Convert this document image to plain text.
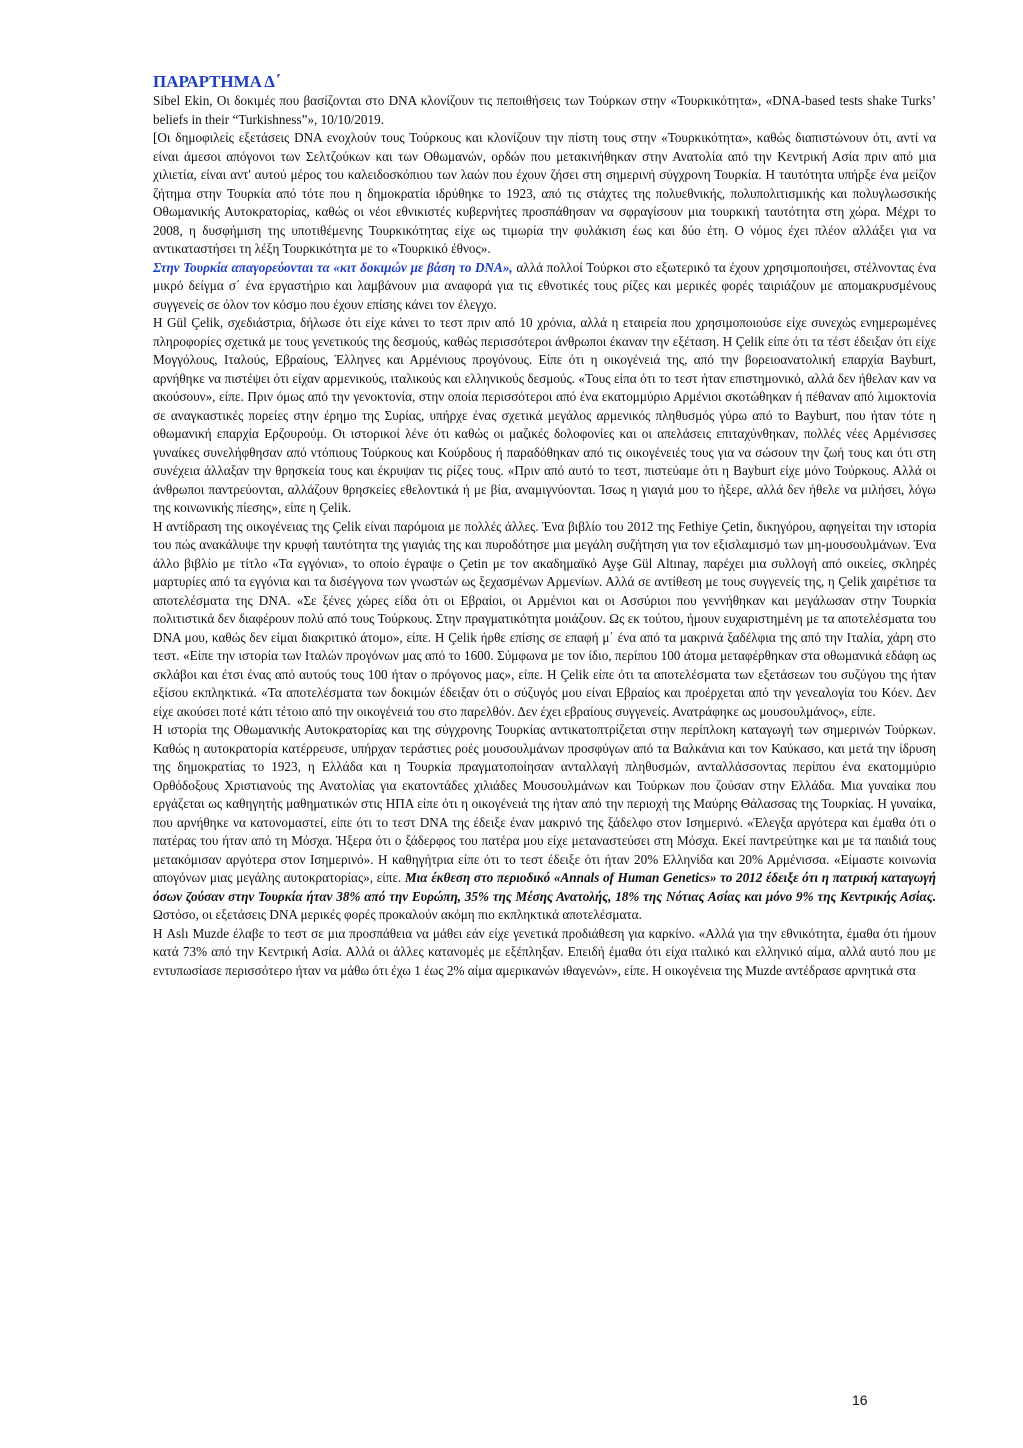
ΠΑΡΑΡΤΗΜΑ Δ΄

Sibel Ekin, Οι δοκιμές που βασίζονται στο DNA κλονίζουν τις πεποιθήσεις των Τούρκων στην «Τουρκικότητα», «DNA-based tests shake Turks’ beliefs in their “Turkishness”», 10/10/2019.

[Οι δημοφιλείς εξετάσεις DNA ενοχλούν τους Τούρκους και κλονίζουν την πίστη τους στην «Τουρκικότητα», καθώς διαπιστώνουν ότι, αντί να είναι άμεσοι απόγονοι των Σελτζούκων και των Οθωμανών, ορδών που μετακινήθηκαν στην Ανατολία από την Κεντρική Ασία πριν από μια χιλιετία, είναι αντ' αυτού μέρος του καλειδοσκόπιου των λαών που έχουν ζήσει στη σημερινή σύγχρονη Τουρκία. Η ταυτότητα υπήρξε ένα μείζον ζήτημα στην Τουρκία από τότε που η δημοκρατία ιδρύθηκε το 1923, από τις στάχτες της πολυεθνικής, πολυπολιτισμικής και πολυγλωσσικής Οθωμανικής Αυτοκρατορίας, καθώς οι νέοι εθνικιστές κυβερνήτες προσπάθησαν να σφραγίσουν μια τουρκική ταυτότητα στη χώρα. Μέχρι το 2008, η δυσφήμιση της υποτιθέμενης Τουρκικότητας είχε ως τιμωρία την φυλάκιση έως και δύο έτη. Ο νόμος έχει πλέον αλλάξει για να αντικαταστήσει τη λέξη Τουρκικότητα με το «Τουρκικό έθνος».

Στην Τουρκία απαγορεύονται τα «κιτ δοκιμών με βάση το DNA», αλλά πολλοί Τούρκοι στο εξωτερικό τα έχουν χρησιμοποιήσει, στέλνοντας ένα μικρό δείγμα σ΄ ένα εργαστήριο και λαμβάνουν μια αναφορά για τις εθνοτικές τους ρίζες και μερικές φορές ταιριάζουν με απομακρυσμένους συγγενείς σε όλον τον κόσμο που έχουν επίσης κάνει τον έλεγχο.

Η Gül Çelik, σχεδιάστρια, δήλωσε ότι είχε κάνει το τεστ πριν από 10 χρόνια, αλλά η εταιρεία που χρησιμοποιούσε είχε συνεχώς ενημερωμένες πληροφορίες σχετικά με τους γενετικούς της δεσμούς, καθώς περισσότεροι άνθρωποι έκαναν την εξέταση. Η Çelik είπε ότι τα τέστ έδειξαν ότι είχε Μογγόλους, Ιταλούς, Εβραίους, Έλληνες και Αρμένιους προγόνους. Είπε ότι η οικογένειά της, από την βορειοανατολική επαρχία Bayburt, αρνήθηκε να πιστέψει ότι είχαν αρμενικούς, ιταλικούς και ελληνικούς δεσμούς. «Τους είπα ότι το τεστ ήταν επιστημονικό, αλλά δεν ήθελαν καν να ακούσουν», είπε. Πριν όμως από την γενοκτονία, στην οποία περισσότεροι από ένα εκατομμύριο Αρμένιοι σκοτώθηκαν ή πέθαναν από λιμοκτονία σε αναγκαστικές πορείες στην έρημο της Συρίας, υπήρχε ένας σχετικά μεγάλος αρμενικός πληθυσμός γύρω από το Bayburt, που ήταν τότε η οθωμανική επαρχία Ερζουρούμ. Οι ιστορικοί λένε ότι καθώς οι μαζικές δολοφονίες και οι απελάσεις επιταχύνθηκαν, πολλές νέες Αρμένισσες γυναίκες συνελήφθησαν από ντόπιους Τούρκους και Κούρδους ή παραδόθηκαν από τις οικογένειές τους για να σώσουν την ζωή τους και ότι στη συνέχεια άλλαξαν την θρησκεία τους και έκρυψαν τις ρίζες τους. «Πριν από αυτό το τεστ, πιστεύαμε ότι η Bayburt είχε μόνο Τούρκους. Αλλά οι άνθρωποι παντρεύονται, αλλάζουν θρησκείες εθελοντικά ή με βία, αναμιγνύονται. Ίσως η γιαγιά μου το ήξερε, αλλά δεν ήθελε να μιλήσει, λόγω της κοινωνικής πίεσης», είπε η Çelik.

Η αντίδραση της οικογένειας της Çelik είναι παρόμοια με πολλές άλλες. Ένα βιβλίο του 2012 της Fethiye Çetin, δικηγόρου, αφηγείται την ιστορία του πώς ανακάλυψε την κρυφή ταυτότητα της γιαγιάς της και πυροδότησε μια μεγάλη συζήτηση για τον εξισλαμισμό των μη-μουσουλμάνων. Ένα άλλο βιβλίο με τίτλο «Τα εγγόνια», το οποίο έγραψε ο Çetin με τον ακαδημαϊκό Ayşe Gül Altınay, παρέχει μια συλλογή από οικείες, σκληρές μαρτυρίες από τα εγγόνια και τα δισέγγονα των γνωστών ως ξεχασμένων Αρμενίων. Αλλά σε αντίθεση με τους συγγενείς της, η Çelik χαιρέτισε τα αποτελέσματα της DNA. «Σε ξένες χώρες είδα ότι οι Εβραίοι, οι Αρμένιοι και οι Ασσύριοι που γεννήθηκαν και μεγάλωσαν στην Τουρκία πολιτιστικά δεν διαφέρουν πολύ από τους Τούρκους. Στην πραγματικότητα μοιάζουν. Ως εκ τούτου, ήμουν ευχαριστημένη με τα αποτελέσματα του DNA μου, καθώς δεν είμαι διακριτικό άτομο», είπε. Η Çelik ήρθε επίσης σε επαφή μ΄ ένα από τα μακρινά ξαδέλφια της από την Ιταλία, χάρη στο τεστ. «Είπε την ιστορία των Ιταλών προγόνων μας από το 1600. Σύμφωνα με τον ίδιο, περίπου 100 άτομα μεταφέρθηκαν στα οθωμανικά εδάφη ως σκλάβοι και έτσι ένας από αυτούς τους 100 ήταν ο πρόγονος μας», είπε. Η Çelik είπε ότι τα αποτελέσματα των εξετάσεων του συζύγου της ήταν εξίσου εκπληκτικά. «Τα αποτελέσματα των δοκιμών έδειξαν ότι ο σύζυγός μου είναι Εβραίος και προέρχεται από την γενεαλογία του Κόεν. Δεν είχε ακούσει ποτέ κάτι τέτοιο από την οικογένειά του στο παρελθόν. Δεν έχει εβραίους συγγενείς. Ανατράφηκε ως μουσουλμάνος», είπε.

Η ιστορία της Οθωμανικής Αυτοκρατορίας και της σύγχρονης Τουρκίας αντικατοπτρίζεται στην περίπλοκη καταγωγή των σημερινών Τούρκων. Καθώς η αυτοκρατορία κατέρρευσε, υπήρχαν τεράστιες ροές μουσουλμάνων προσφύγων από τα Βαλκάνια και τον Καύκασο, και μετά την ίδρυση της δημοκρατίας το 1923, η Ελλάδα και η Τουρκία πραγματοποίησαν ανταλλαγή πληθυσμών, ανταλλάσσοντας περίπου ένα εκατομμύριο Ορθόδοξους Χριστιανούς της Ανατολίας για εκατοντάδες χιλιάδες Μουσουλμάνων και Τούρκων που ζούσαν στην Ελλάδα. Μια γυναίκα που εργάζεται ως καθηγητής μαθηματικών στις ΗΠΑ είπε ότι η οικογένειά της ήταν από την περιοχή της Μαύρης Θάλασσας της Τουρκίας. Η γυναίκα, που αρνήθηκε να κατονομαστεί, είπε ότι το τεστ DNA της έδειξε έναν μακρινό της ξάδελφο στον Ισημερινό. «Έλεγξα αργότερα και έμαθα ότι ο πατέρας του ήταν από τη Μόσχα. Ήξερα ότι ο ξάδερφος του πατέρα μου είχε μεταναστεύσει στη Μόσχα. Εκεί παντρεύτηκε και με τα παιδιά τους μετακόμισαν αργότερα στον Ισημερινό». Η καθηγήτρια είπε ότι το τεστ έδειξε ότι ήταν 20% Ελληνίδα και 20% Αρμένισσα. «Είμαστε κοινωνία απογόνων μιας μεγάλης αυτοκρατορίας», είπε. Μια έκθεση στο περιοδικό «Annals of Human Genetics» το 2012 έδειξε ότι η πατρική καταγωγή όσων ζούσαν στην Τουρκία ήταν 38% από την Ευρώπη, 35% της Μέσης Ανατολής, 18% της Νότιας Ασίας και μόνο 9% της Κεντρικής Ασίας. Ωστόσο, οι εξετάσεις DNA μερικές φορές προκαλούν ακόμη πιο εκπληκτικά αποτελέσματα.

Η Aslı Muzde έλαβε το τεστ σε μια προσπάθεια να μάθει εάν είχε γενετικά προδιάθεση για καρκίνο. «Αλλά για την εθνικότητα, έμαθα ότι ήμουν κατά 73% από την Κεντρική Ασία. Αλλά οι άλλες κατανομές με εξέπληξαν. Επειδή έμαθα ότι είχα ιταλικό και ελληνικό αίμα, αλλά αυτό που με εντυπωσίασε περισσότερο ήταν να μάθω ότι έχω 1 έως 2% αίμα αμερικανών ιθαγενών», είπε. Η οικογένεια της Muzde αντέδρασε αρνητικά στα

16
